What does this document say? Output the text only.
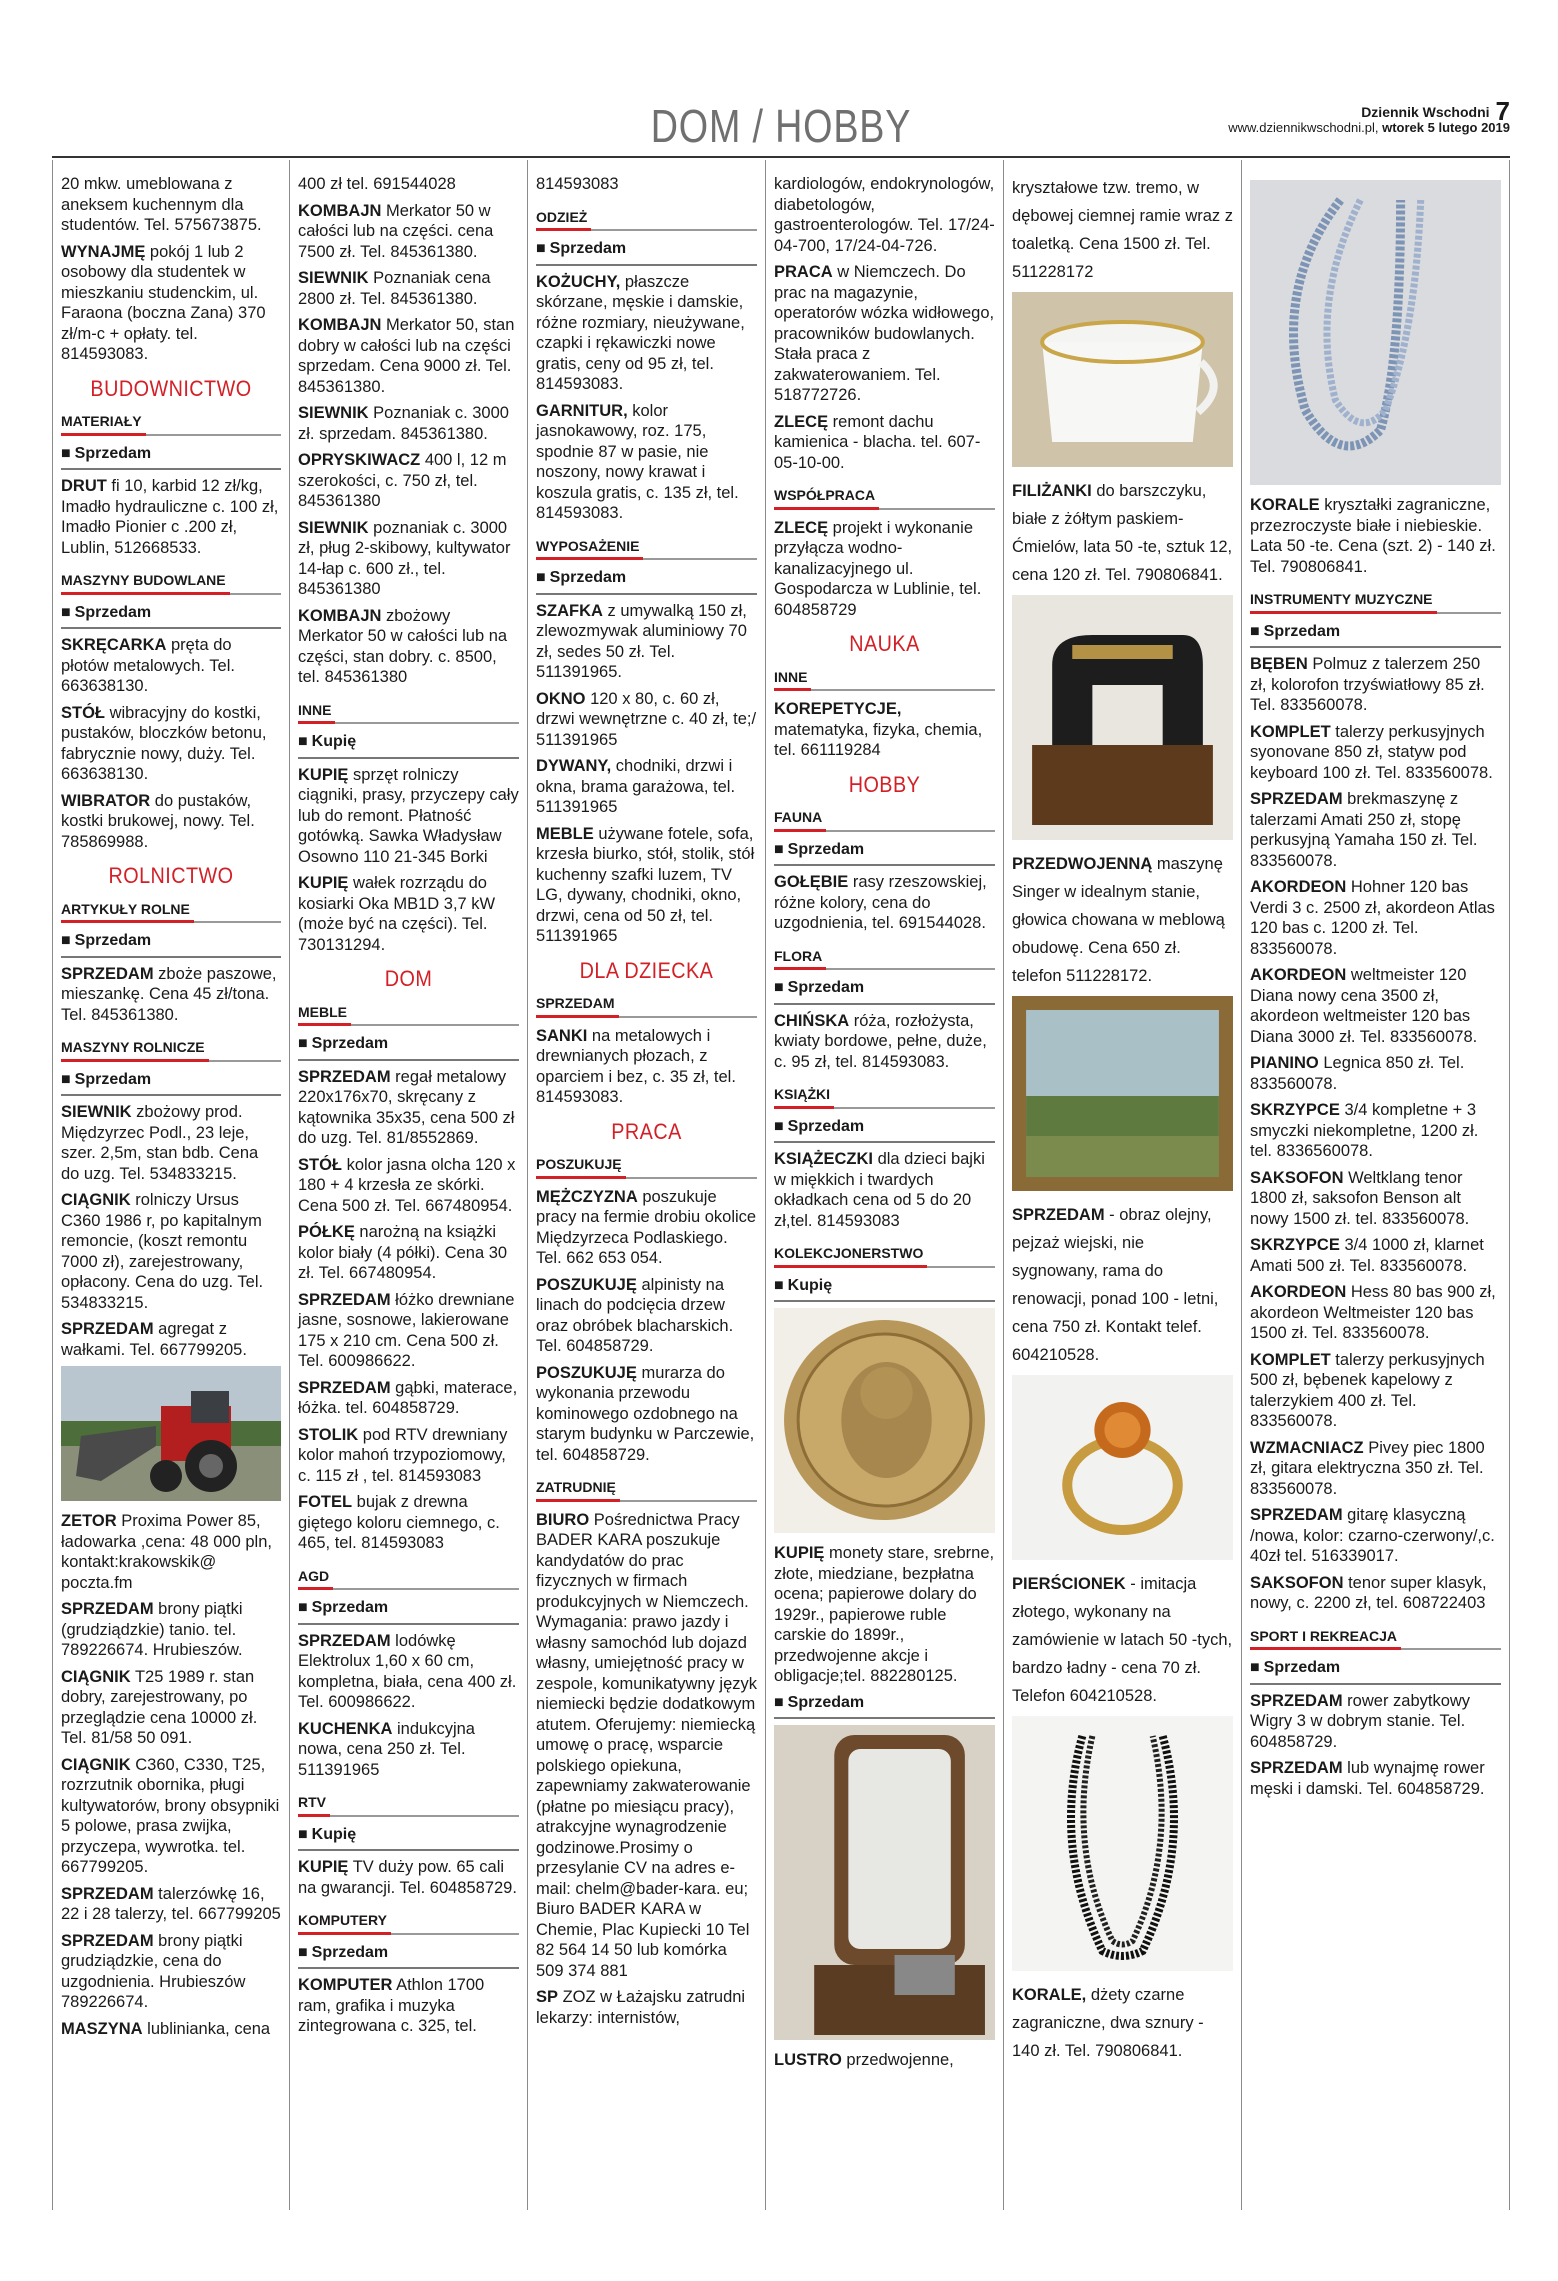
DOM / HOBBY	Dziennik Wschodni 7
www.dziennikwschodni.pl, wtorek 5 lutego 2019

20 mkw. umeblowana z aneksem kuchennym dla studentów. Tel. 575673875.

WYNAJMĘ pokój 1 lub 2 osobowy dla studentek w mieszkaniu studenckim, ul. Faraona (boczna Zana) 370 zł/m-c + opłaty. tel. 814593083.

BUDOWNICTWO
MATERIAŁY
■ Sprzedam

DRUT fi 10, karbid 12 zł/kg, Imadło hydrauliczne c. 100 zł, Imadło Pionier c .200 zł, Lublin, 512668533.

MASZYNY BUDOWLANE
■ Sprzedam

SKRĘCARKA pręta do płotów metalowych. Tel. 663638130.

STÓŁ wibracyjny do kostki, pustaków, bloczków betonu, fabrycznie nowy, duży. Tel. 663638130.

WIBRATOR do pustaków, kostki brukowej, nowy. Tel. 785869988.

ROLNICTWO
ARTYKUŁY ROLNE
■ Sprzedam

SPRZEDAM zboże paszowe, mieszankę. Cena 45 zł/tona. Tel. 845361380.

MASZYNY ROLNICZE
■ Sprzedam

SIEWNIK zbożowy prod. Międzyrzec Podl., 23 leje, szer. 2,5m, stan bdb. Cena do uzg. Tel. 534833215.

CIĄGNIK rolniczy Ursus C360 1986 r, po kapitalnym remoncie, (koszt remontu 7000 zł), zarejestrowany, opłacony. Cena do uzg. Tel. 534833215.

SPRZEDAM agregat z wałkami. Tel. 667799205.

ZETOR Proxima Power 85, ładowarka ,cena: 48 000 pln, kontakt:krakowskik@ poczta.fm

SPRZEDAM brony piątki (grudziądzkie) tanio. tel. 789226674. Hrubieszów.

CIĄGNIK T25 1989 r. stan dobry, zarejestrowany, po przeglądzie cena 10000 zł. Tel. 81/58 50 091.

CIĄGNIK C360, C330, T25, rozrzutnik obornika, pługi kultywatorów, brony obsypniki 5 polowe, prasa zwijka, przyczepa, wywrotka. tel. 667799205.

SPRZEDAM talerzówkę 16, 22 i 28 talerzy, tel. 667799205

SPRZEDAM brony piątki grudziądzkie, cena do uzgodnienia. Hrubieszów 789226674.

MASZYNA lublinianka, cena

400 zł tel. 691544028

KOMBAJN Merkator 50 w całości lub na części. cena 7500 zł. Tel. 845361380.

SIEWNIK Poznaniak cena 2800 zł. Tel. 845361380.

KOMBAJN Merkator 50, stan dobry w całości lub na części sprzedam. Cena 9000 zł. Tel. 845361380.

SIEWNIK Poznaniak c. 3000 zł. sprzedam. 845361380.

OPRYSKIWACZ 400 l, 12 m szerokości, c. 750 zł, tel. 845361380

SIEWNIK poznaniak c. 3000 zł, pług 2-skibowy, kultywator 14-łap c. 600 zł., tel. 845361380

KOMBAJN zbożowy Merkator 50 w całości lub na części, stan dobry. c. 8500, tel. 845361380

INNE
■ Kupię

KUPIĘ sprzęt rolniczy ciągniki, prasy, przyczepy cały lub do remont. Płatność gotówką. Sawka Władysław Osowno 110 21-345 Borki

KUPIĘ wałek rozrządu do kosiarki Oka MB1D 3,7 kW (może być na części). Tel. 730131294.

DOM
MEBLE
■ Sprzedam

SPRZEDAM regał metalowy 220x176x70, skręcany z kątownika 35x35, cena 500 zł do uzg. Tel. 81/8552869.

STÓŁ kolor jasna olcha 120 x 180 + 4 krzesła ze skórki. Cena 500 zł. Tel. 667480954.

PÓŁKĘ narożną na książki kolor biały (4 półki). Cena 30 zł. Tel. 667480954.

SPRZEDAM łóżko drewniane jasne, sosnowe, lakierowane 175 x 210 cm. Cena 500 zł. Tel. 600986622.

SPRZEDAM gąbki, materace, łóżka. tel. 604858729.

STOLIK pod RTV drewniany kolor mahoń trzypoziomowy, c. 115 zł , tel. 814593083

FOTEL bujak z drewna giętego koloru ciemnego, c. 465, tel. 814593083

AGD
■ Sprzedam

SPRZEDAM lodówkę Elektrolux 1,60 x 60 cm, kompletna, biała, cena 400 zł. Tel. 600986622.

KUCHENKA indukcyjna nowa, cena 250 zł. Tel. 511391965

RTV
■ Kupię

KUPIĘ TV duży pow. 65 cali na gwarancji. Tel. 604858729.

KOMPUTERY
■ Sprzedam

KOMPUTER Athlon 1700 ram, grafika i muzyka zintegrowana c. 325, tel.

814593083

ODZIEŻ
■ Sprzedam

KOŻUCHY, płaszcze skórzane, męskie i damskie, różne rozmiary, nieużywane, czapki i rękawiczki nowe gratis, ceny od 95 zł, tel. 814593083.

GARNITUR, kolor jasnokawowy, roz. 175, spodnie 87 w pasie, nie noszony, nowy krawat i koszula gratis, c. 135 zł, tel. 814593083.

WYPOSAŻENIE
■ Sprzedam

SZAFKA z umywalką 150 zł, zlewozmywak aluminiowy 70 zł, sedes 50 zł. Tel. 511391965.

OKNO 120 x 80, c. 60 zł, drzwi wewnętrzne c. 40 zł, te;/ 511391965

DYWANY, chodniki, drzwi i okna, brama garażowa, tel. 511391965

MEBLE używane fotele, sofa, krzesła biurko, stół, stolik, stół kuchenny szafki luzem, TV LG, dywany, chodniki, okno, drzwi, cena od 50 zł, tel. 511391965

DLA DZIECKA
SPRZEDAM

SANKI na metalowych i drewnianych płozach, z oparciem i bez, c. 35 zł, tel. 814593083.

PRACA
POSZUKUJĘ

MĘŻCZYZNA poszukuje pracy na fermie drobiu okolice Międzyrzeca Podlaskiego. Tel. 662 653 054.

POSZUKUJĘ alpinisty na linach do podcięcia drzew oraz obróbek blacharskich. Tel. 604858729.

POSZUKUJĘ murarza do wykonania przewodu kominowego ozdobnego na starym budynku w Parczewie, tel. 604858729.

ZATRUDNIĘ

BIURO Pośrednictwa Pracy BADER KARA poszukuje kandydatów do prac fizycznych w firmach produkcyjnych w Niemczech. Wymagania: prawo jazdy i własny samochód lub dojazd własny, umiejętność pracy w zespole, komunikatywny język niemiecki będzie dodatkowym atutem. Oferujemy: niemiecką umowę o pracę, wsparcie polskiego opiekuna, zapewniamy zakwaterowanie (płatne po miesiącu pracy), atrakcyjne wynagrodzenie godzinowe.Prosimy o przesylanie CV na adres e-mail: chelm@bader-kara. eu; Biuro BADER KARA w Chemie, Plac Kupiecki 10 Tel 82 564 14 50 lub komórka 509 374 881

SP ZOZ w Łażajsku zatrudni lekarzy: internistów,

kardiologów, endokrynologów, diabetologów, gastroenterologów. Tel. 17/24-04-700, 17/24-04-726.

PRACA w Niemczech. Do prac na magazynie, operatorów wózka widłowego, pracowników budowlanych. Stała praca z zakwaterowaniem. Tel. 518772726.

ZLECĘ remont dachu kamienica - blacha. tel. 607-05-10-00.

WSPÓŁPRACA

ZLECĘ projekt i wykonanie przyłącza wodno-kanalizacyjnego ul. Gospodarcza w Lublinie, tel. 604858729

NAUKA
INNE

KOREPETYCJE, matematyka, fizyka, chemia, tel. 661119284

HOBBY
FAUNA
■ Sprzedam

GOŁĘBIE rasy rzeszowskiej, różne kolory, cena do uzgodnienia, tel. 691544028.

FLORA
■ Sprzedam

CHIŃSKA róża, rozłożysta, kwiaty bordowe, pełne, duże, c. 95 zł, tel. 814593083.

KSIĄŻKI
■ Sprzedam

KSIĄŻECZKI dla dzieci bajki w miękkich i twardych okładkach cena od 5 do 20 zł,tel. 814593083

KOLEKCJONERSTWO
■ Kupię

KUPIĘ monety stare, srebrne, złote, miedziane, bezpłatna ocena; papierowe dolary do 1929r., papierowe ruble carskie do 1899r., przedwojenne akcje i obligacje;tel. 882280125.

■ Sprzedam

LUSTRO przedwojenne,

kryształowe tzw. tremo, w dębowej ciemnej ramie wraz z toaletką. Cena 1500 zł. Tel. 511228172

FILIŻANKI do barszczyku, białe z żółtym paskiem-Ćmielów, lata 50 -te, sztuk 12, cena 120 zł. Tel. 790806841.

PRZEDWOJENNĄ maszynę Singer w idealnym stanie, głowica chowana w meblową obudowę. Cena 650 zł. telefon 511228172.

SPRZEDAM - obraz olejny, pejzaż wiejski, nie sygnowany, rama do renowacji, ponad 100 - letni, cena 750 zł. Kontakt telef. 604210528.

PIERŚCIONEK - imitacja złotego, wykonany na zamówienie w latach 50 -tych, bardzo ładny - cena 70 zł. Telefon 604210528.

KORALE, dżety czarne zagraniczne, dwa sznury - 140 zł. Tel. 790806841.

KORALE kryształki zagraniczne, przezroczyste białe i niebieskie. Lata 50 -te. Cena (szt. 2) - 140 zł. Tel. 790806841.

INSTRUMENTY MUZYCZNE
■ Sprzedam

BĘBEN Polmuz z talerzem 250 zł, kolorofon trzyświatłowy 85 zł. Tel. 833560078.

KOMPLET talerzy perkusyjnych syonovane 850 zł, statyw pod keyboard 100 zł. Tel. 833560078.

SPRZEDAM brekmaszynę z talerzami Amati 250 zł, stopę perkusyjną Yamaha 150 zł. Tel. 833560078.

AKORDEON Hohner 120 bas Verdi 3 c. 2500 zł, akordeon Atlas 120 bas c. 1200 zł. Tel. 833560078.

AKORDEON weltmeister 120 Diana nowy cena 3500 zł, akordeon weltmeister 120 bas Diana 3000 zł. Tel. 833560078.

PIANINO Legnica 850 zł. Tel. 833560078.

SKRZYPCE 3/4 kompletne + 3 smyczki niekompletne, 1200 zł. tel. 8336560078.

SAKSOFON Weltklang tenor 1800 zł, saksofon Benson alt nowy 1500 zł. tel. 833560078.

SKRZYPCE 3/4 1000 zł, klarnet Amati 500 zł. Tel. 833560078.

AKORDEON Hess 80 bas 900 zł, akordeon Weltmeister 120 bas 1500 zł. Tel. 833560078.

KOMPLET talerzy perkusyjnych 500 zł, bębenek kapelowy z talerzykiem 400 zł. Tel. 833560078.

WZMACNIACZ Pivey piec 1800 zł, gitara elektryczna 350 zł. Tel. 833560078.

SPRZEDAM gitarę klasyczną /nowa, kolor: czarno-czerwony/,c. 40zł tel. 516339017.

SAKSOFON tenor super klasyk, nowy, c. 2200 zł, tel. 608722403

SPORT I REKREACJA
■ Sprzedam

SPRZEDAM rower zabytkowy Wigry 3 w dobrym stanie. Tel. 604858729.

SPRZEDAM lub wynajmę rower męski i damski. Tel. 604858729.
